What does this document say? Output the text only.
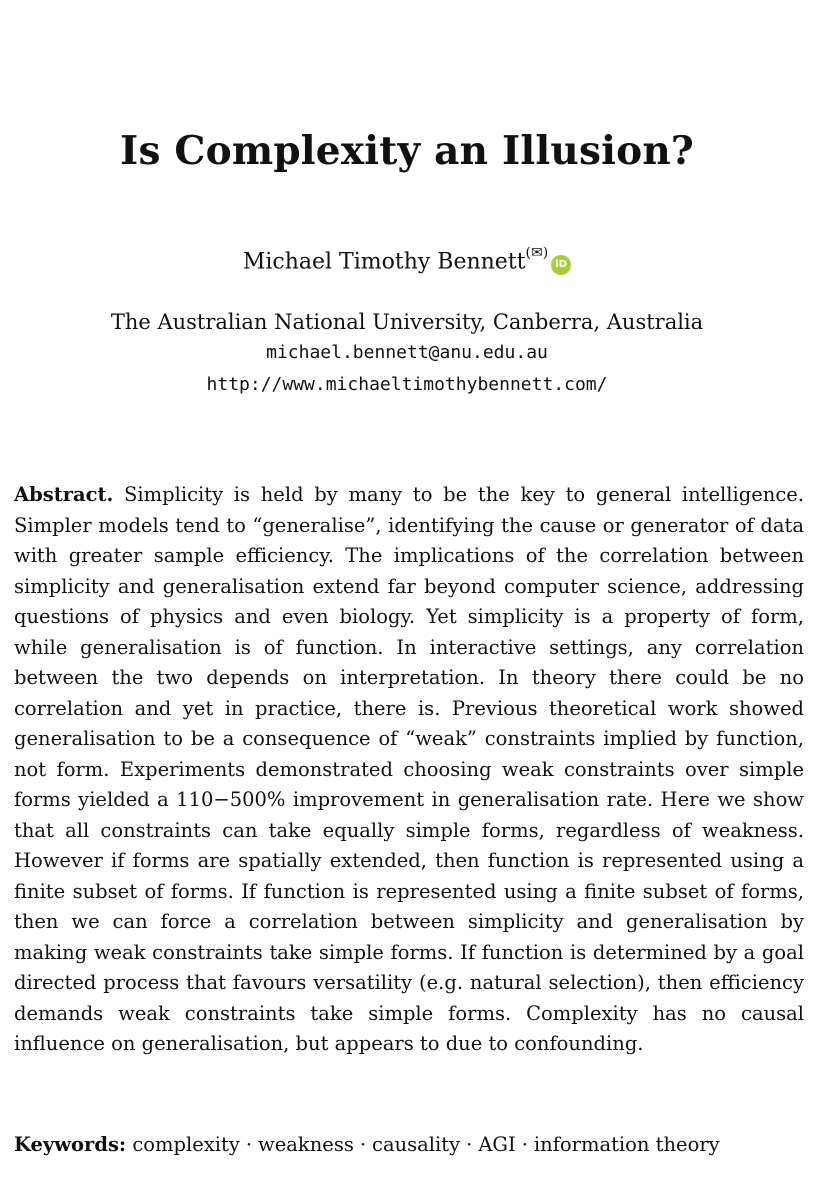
Is Complexity an Illusion?
Michael Timothy Bennett(✉)iD
The Australian National University, Canberra, Australia
michael.bennett@anu.edu.au
http://www.michaeltimothybennett.com/

Abstract. Simplicity is held by many to be the key to general intelligence. Simpler models tend to “generalise”, identifying the cause or generator of data with greater sample efficiency. The implications of the correlation between simplicity and generalisation extend far beyond computer science, addressing questions of physics and even biology. Yet simplicity is a property of form, while generalisation is of function. In interactive settings, any correlation between the two depends on interpretation. In theory there could be no correlation and yet in practice, there is. Previous theoretical work showed generalisation to be a consequence of “weak” constraints implied by function, not form. Experiments demonstrated choosing weak constraints over simple forms yielded a 110−500% improvement in generalisation rate. Here we show that all constraints can take equally simple forms, regardless of weakness. However if forms are spatially extended, then function is represented using a finite subset of forms. If function is represented using a finite subset of forms, then we can force a correlation between simplicity and generalisation by making weak constraints take simple forms. If function is determined by a goal directed process that favours versatility (e.g. natural selection), then efficiency demands weak constraints take simple forms. Complexity has no causal influence on generalisation, but appears to due to confounding.

Keywords: complexity · weakness · causality · AGI · information theory
